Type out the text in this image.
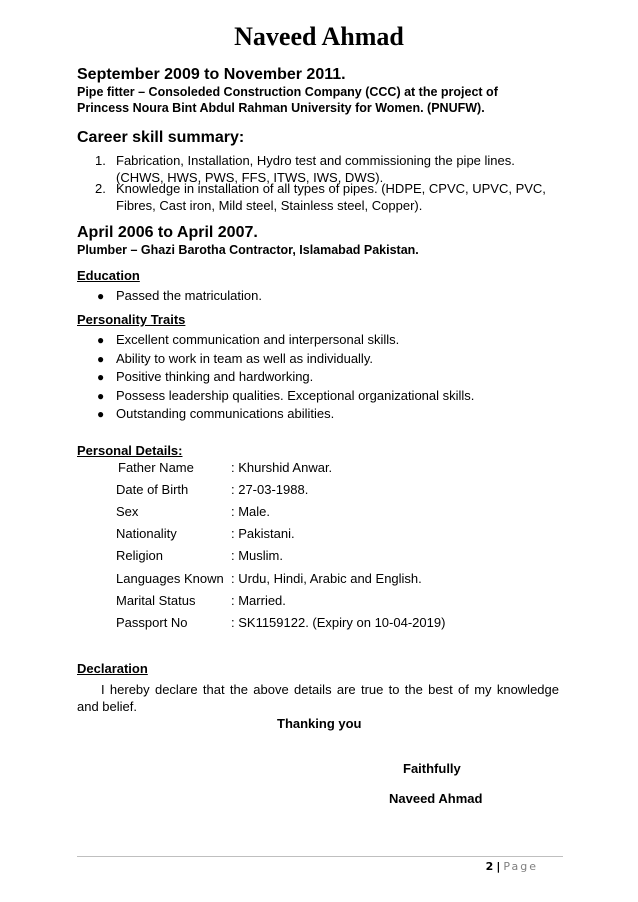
Naveed Ahmad
September 2009 to November 2011.
Pipe fitter – Consoleded Construction Company (CCC) at the project of
Princess Noura Bint Abdul Rahman University for Women. (PNUFW).
Career skill summary:
1. Fabrication, Installation, Hydro test and commissioning the pipe lines.
(CHWS, HWS, PWS, FFS, ITWS, IWS, DWS).
2. Knowledge in installation of all types of pipes. (HDPE, CPVC, UPVC, PVC,
Fibres, Cast iron, Mild steel, Stainless steel, Copper).
April 2006 to April 2007.
Plumber – Ghazi Barotha Contractor, Islamabad Pakistan.
Education
● Passed the matriculation.
Personality Traits
● Excellent communication and interpersonal skills.
● Ability to work in team as well as individually.
● Positive thinking and hardworking.
● Possess leadership qualities. Exceptional organizational skills.
● Outstanding communications abilities.
Personal Details:
Father Name	: Khurshid Anwar.
Date of Birth	: 27-03-1988.
Sex	: Male.
Nationality	: Pakistani.
Religion	: Muslim.
Languages Known : Urdu, Hindi, Arabic and English.
Marital Status	: Married.
Passport No	: SK1159122. (Expiry on 10-04-2019)
Declaration
I hereby declare that the above details are true to the best of my knowledge and belief.
Thanking you
Faithfully
Naveed Ahmad
2 | Page
